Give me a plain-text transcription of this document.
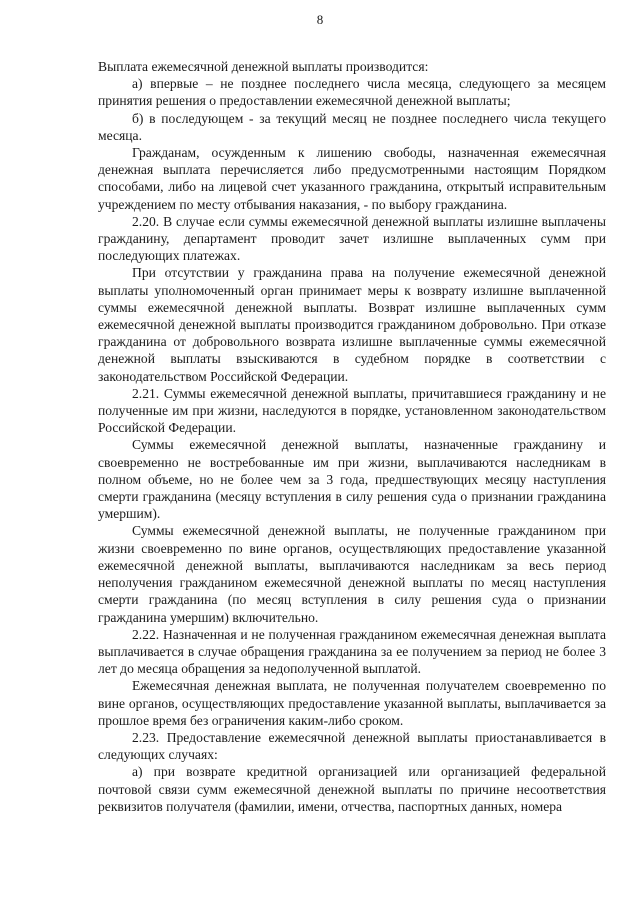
8

Выплата ежемесячной денежной выплаты производится:

а) впервые – не позднее последнего числа месяца, следующего за месяцем принятия решения о предоставлении ежемесячной денежной выплаты;

б) в последующем - за текущий месяц не позднее последнего числа текущего месяца.

Гражданам, осужденным к лишению свободы, назначенная ежемесячная денежная выплата перечисляется либо предусмотренными настоящим Порядком способами, либо на лицевой счет указанного гражданина, открытый исправительным учреждением по месту отбывания наказания, - по выбору гражданина.

2.20. В случае если суммы ежемесячной денежной выплаты излишне выплачены гражданину, департамент проводит зачет излишне выплаченных сумм при последующих платежах.

При отсутствии у гражданина права на получение ежемесячной денежной выплаты уполномоченный орган принимает меры к возврату излишне выплаченной суммы ежемесячной денежной выплаты. Возврат излишне выплаченных сумм ежемесячной денежной выплаты производится гражданином добровольно. При отказе гражданина от добровольного возврата излишне выплаченные суммы ежемесячной денежной выплаты взыскиваются в судебном порядке в соответствии с законодательством Российской Федерации.

2.21. Суммы ежемесячной денежной выплаты, причитавшиеся гражданину и не полученные им при жизни, наследуются в порядке, установленном законодательством Российской Федерации.

Суммы ежемесячной денежной выплаты, назначенные гражданину и своевременно не востребованные им при жизни, выплачиваются наследникам в полном объеме, но не более чем за 3 года, предшествующих месяцу наступления смерти гражданина (месяцу вступления в силу решения суда о признании гражданина умершим).

Суммы ежемесячной денежной выплаты, не полученные гражданином при жизни своевременно по вине органов, осуществляющих предоставление указанной ежемесячной денежной выплаты, выплачиваются наследникам за весь период неполучения гражданином ежемесячной денежной выплаты по месяц наступления смерти гражданина (по месяц вступления в силу решения суда о признании гражданина умершим) включительно.

2.22. Назначенная и не полученная гражданином ежемесячная денежная выплата выплачивается в случае обращения гражданина за ее получением за период не более 3 лет до месяца обращения за недополученной выплатой.

Ежемесячная денежная выплата, не полученная получателем своевременно по вине органов, осуществляющих предоставление указанной выплаты, выплачивается за прошлое время без ограничения каким-либо сроком.

2.23. Предоставление ежемесячной денежной выплаты приостанавливается в следующих случаях:

а) при возврате кредитной организацией или организацией федеральной почтовой связи сумм ежемесячной денежной выплаты по причине несоответствия реквизитов получателя (фамилии, имени, отчества, паспортных данных, номера
